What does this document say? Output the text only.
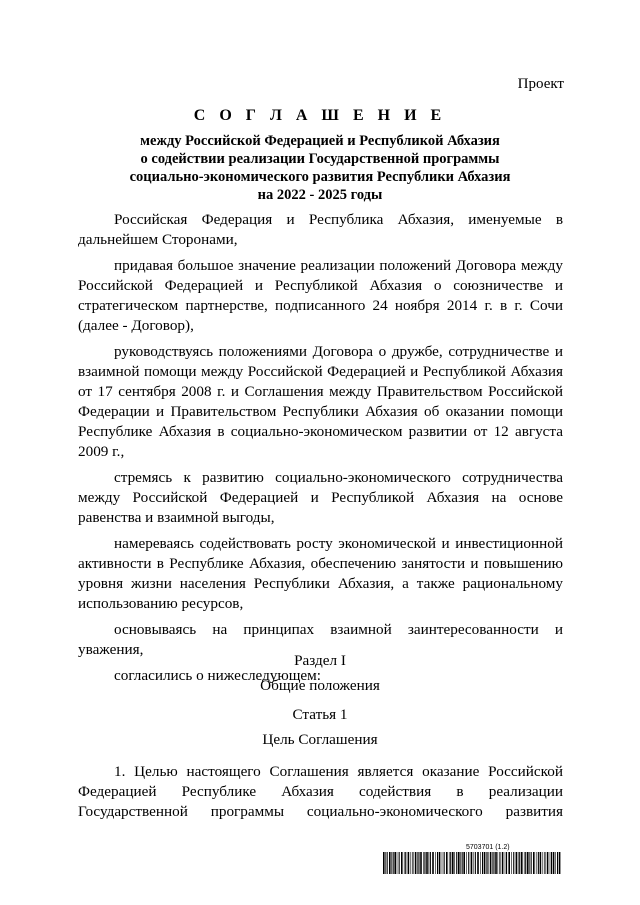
Проект
С О Г Л А Ш Е Н И Е
между Российской Федерацией и Республикой Абхазия
о содействии реализации Государственной программы
социально-экономического развития Республики Абхазия
на 2022 - 2025 годы

Российская Федерация и Республика Абхазия, именуемые в дальнейшем Сторонами,

придавая большое значение реализации положений Договора между Российской Федерацией и Республикой Абхазия о союзничестве и стратегическом партнерстве, подписанного 24 ноября 2014 г. в г. Сочи (далее - Договор),

руководствуясь положениями Договора о дружбе, сотрудничестве и взаимной помощи между Российской Федерацией и Республикой Абхазия от 17 сентября 2008 г. и Соглашения между Правительством Российской Федерации и Правительством Республики Абхазия об оказании помощи Республике Абхазия в социально-экономическом развитии от 12 августа 2009 г.,

стремясь к развитию социально-экономического сотрудничества между Российской Федерацией и Республикой Абхазия на основе равенства и взаимной выгоды,

намереваясь содействовать росту экономической и инвестиционной активности в Республике Абхазия, обеспечению занятости и повышению уровня жизни населения Республики Абхазия, а также рациональному использованию ресурсов,

основываясь на принципах взаимной заинтересованности и уважения,

согласились о нижеследующем:

Раздел I
Общие положения
Статья 1
Цель Соглашения

1. Целью настоящего Соглашения является оказание Российской Федерацией Республике Абхазия содействия в реализации Государственной программы социально-экономического развития

5703701 (1.2)
